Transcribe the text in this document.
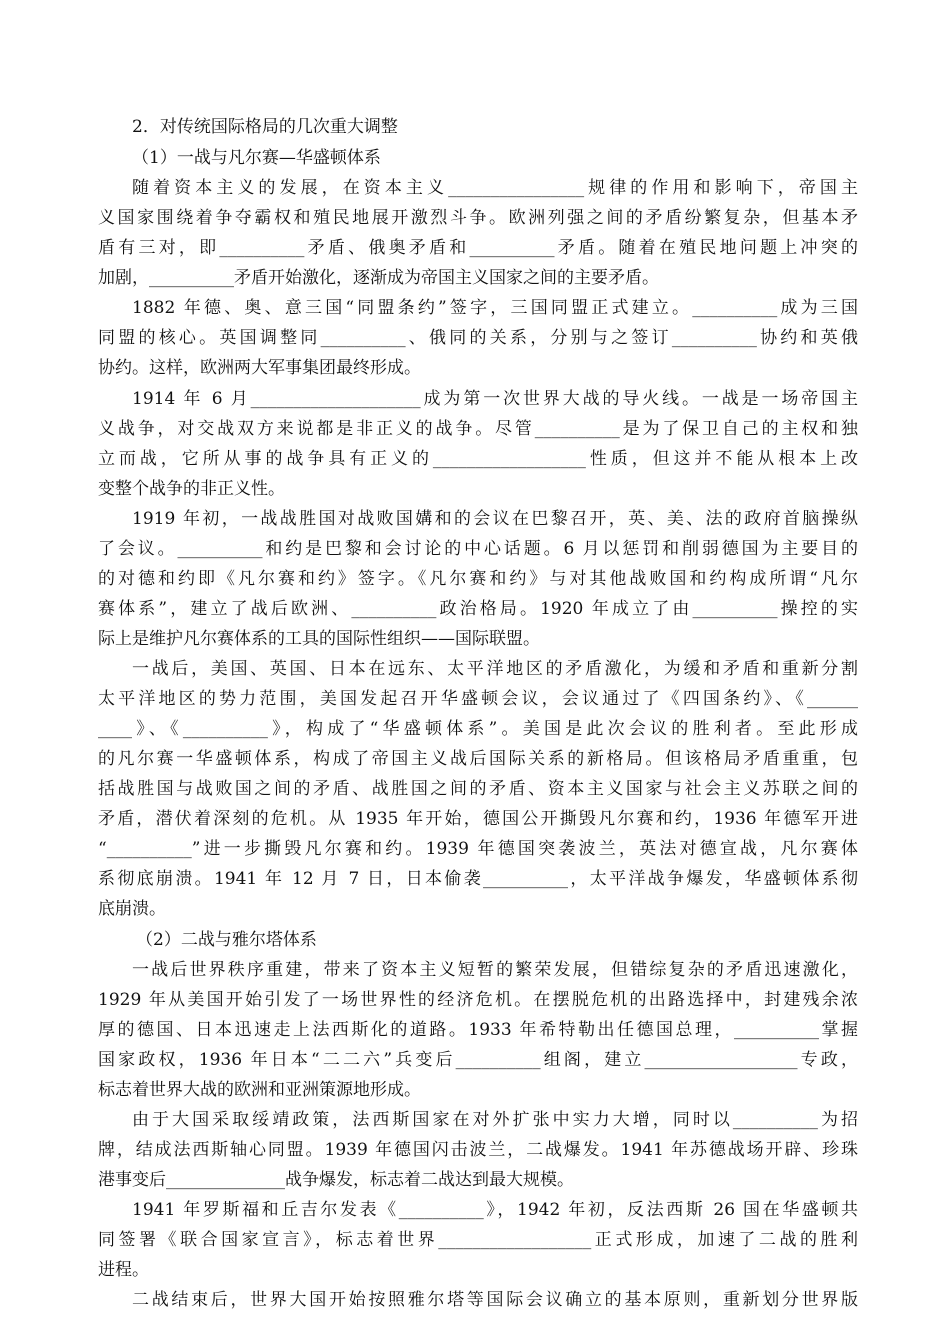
2．对传统国际格局的几次重大调整
（1）一战与凡尔赛—华盛顿体系
随着资本主义的发展，在资本主义________________规律的作用和影响下，帝国主
义国家围绕着争夺霸权和殖民地展开激烈斗争。欧洲列强之间的矛盾纷繁复杂，但基本矛
盾有三对，即__________矛盾、俄奥矛盾和__________矛盾。随着在殖民地问题上冲突的
加剧，__________矛盾开始激化，逐渐成为帝国主义国家之间的主要矛盾。
1882 年德、奥、意三国“同盟条约”签字，三国同盟正式建立。__________成为三国
同盟的核心。英国调整同__________、俄同的关系，分别与之签订__________协约和英俄
协约。这样，欧洲两大军事集团最终形成。
1914 年 6 月____________________成为第一次世界大战的导火线。一战是一场帝国主
义战争，对交战双方来说都是非正义的战争。尽管__________是为了保卫自己的主权和独
立而战，它所从事的战争具有正义的__________________性质，但这并不能从根本上改
变整个战争的非正义性。
1919 年初，一战战胜国对战败国媾和的会议在巴黎召开，英、美、法的政府首脑操纵
了会议。__________和约是巴黎和会讨论的中心话题。6 月以惩罚和削弱德国为主要目的
的对德和约即《凡尔赛和约》签字。《凡尔赛和约》与对其他战败国和约构成所谓“凡尔
赛体系”，建立了战后欧洲、__________政治格局。1920 年成立了由__________操控的实
际上是维护凡尔赛体系的工具的国际性组织——国际联盟。
一战后，美国、英国、日本在远东、太平洋地区的矛盾激化，为缓和矛盾和重新分割
太平洋地区的势力范围，美国发起召开华盛顿会议，会议通过了《四国条约》、《______
____》、《__________》，构成了“华盛顿体系”。美国是此次会议的胜利者。至此形成
的凡尔赛一华盛顿体系，构成了帝国主义战后国际关系的新格局。但该格局矛盾重重，包
括战胜国与战败国之间的矛盾、战胜国之间的矛盾、资本主义国家与社会主义苏联之间的
矛盾，潜伏着深刻的危机。从 1935 年开始，德国公开撕毁凡尔赛和约，1936 年德军开进
“__________”进一步撕毁凡尔赛和约。1939 年德国突袭波兰，英法对德宣战，凡尔赛体
系彻底崩溃。1941 年 12 月 7 日，日本偷袭__________，太平洋战争爆发，华盛顿体系彻
底崩溃。
（2）二战与雅尔塔体系
一战后世界秩序重建，带来了资本主义短暂的繁荣发展，但错综复杂的矛盾迅速激化，
1929 年从美国开始引发了一场世界性的经济危机。在摆脱危机的出路选择中，封建残余浓
厚的德国、日本迅速走上法西斯化的道路。1933 年希特勒出任德国总理，__________掌握
国家政权，1936 年日本“二二六”兵变后__________组阁，建立__________________专政，
标志着世界大战的欧洲和亚洲策源地形成。
由于大国采取绥靖政策，法西斯国家在对外扩张中实力大增，同时以__________为招
牌，结成法西斯轴心同盟。1939 年德国闪击波兰，二战爆发。1941 年苏德战场开辟、珍珠
港事变后______________战争爆发，标志着二战达到最大规模。
1941 年罗斯福和丘吉尔发表《__________》，1942 年初，反法西斯 26 国在华盛顿共
同签署《联合国家宣言》，标志着世界__________________正式形成，加速了二战的胜利
进程。
二战结束后，世界大国开始按照雅尔塔等国际会议确立的基本原则，重新划分世界版
